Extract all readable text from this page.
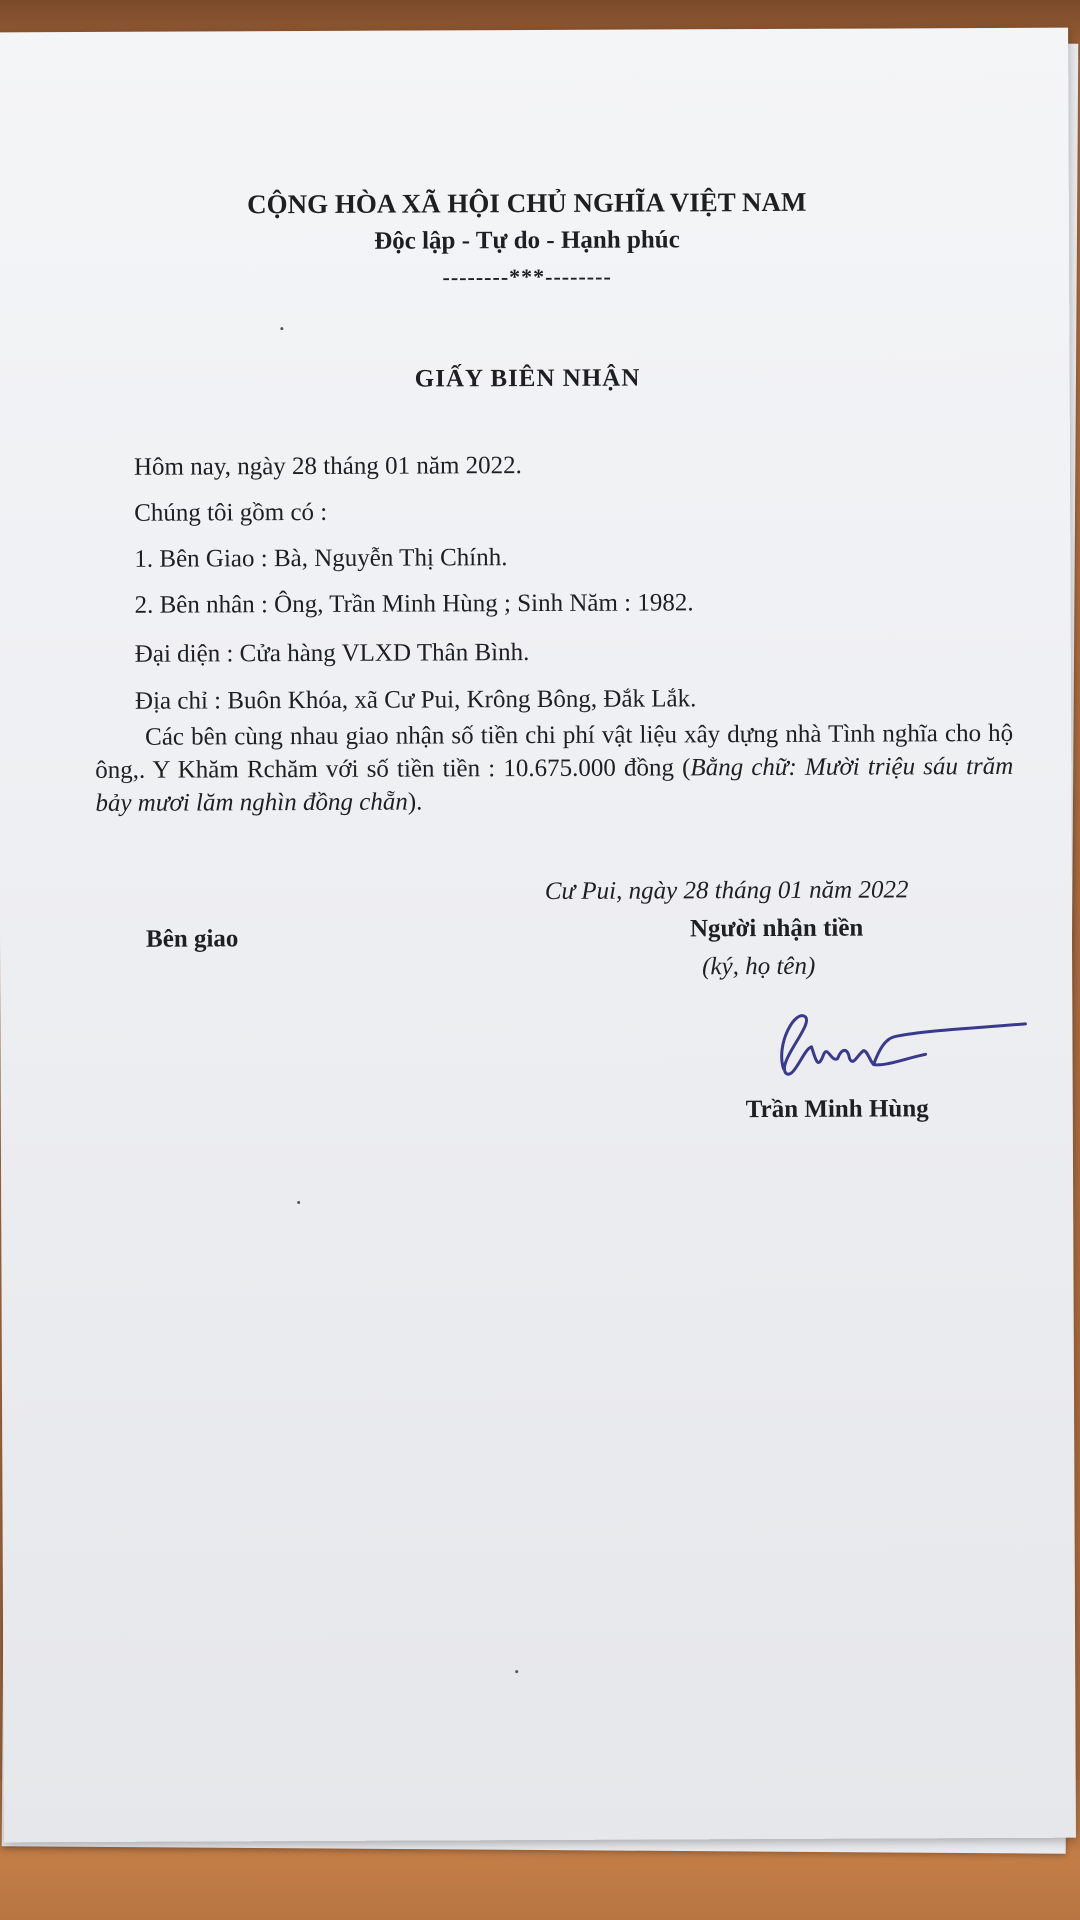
CỘNG HÒA XÃ HỘI CHỦ NGHĨA VIỆT NAM
Độc lập - Tự do - Hạnh phúc
--------***--------
GIẤY BIÊN NHẬN
Hôm nay, ngày 28 tháng 01 năm 2022.
Chúng tôi gồm có :
1. Bên Giao : Bà, Nguyễn Thị Chính.
2. Bên nhân : Ông, Trần Minh Hùng ; Sinh Năm : 1982.
Đại diện : Cửa hàng VLXD Thân Bình.
Địa chỉ : Buôn Khóa, xã Cư Pui, Krông Bông, Đắk Lắk.
Các bên cùng nhau giao nhận số tiền chi phí vật liệu xây dựng nhà Tình nghĩa cho hộ ông,. Y Khăm Rchăm với số tiền tiền : 10.675.000 đồng (Bằng chữ: Mười triệu sáu trăm bảy mươi lăm nghìn đồng chẵn).
Cư Pui, ngày 28 tháng 01 năm 2022
Bên giao	Người nhận tiền
(ký, họ tên)
Trần Minh Hùng
